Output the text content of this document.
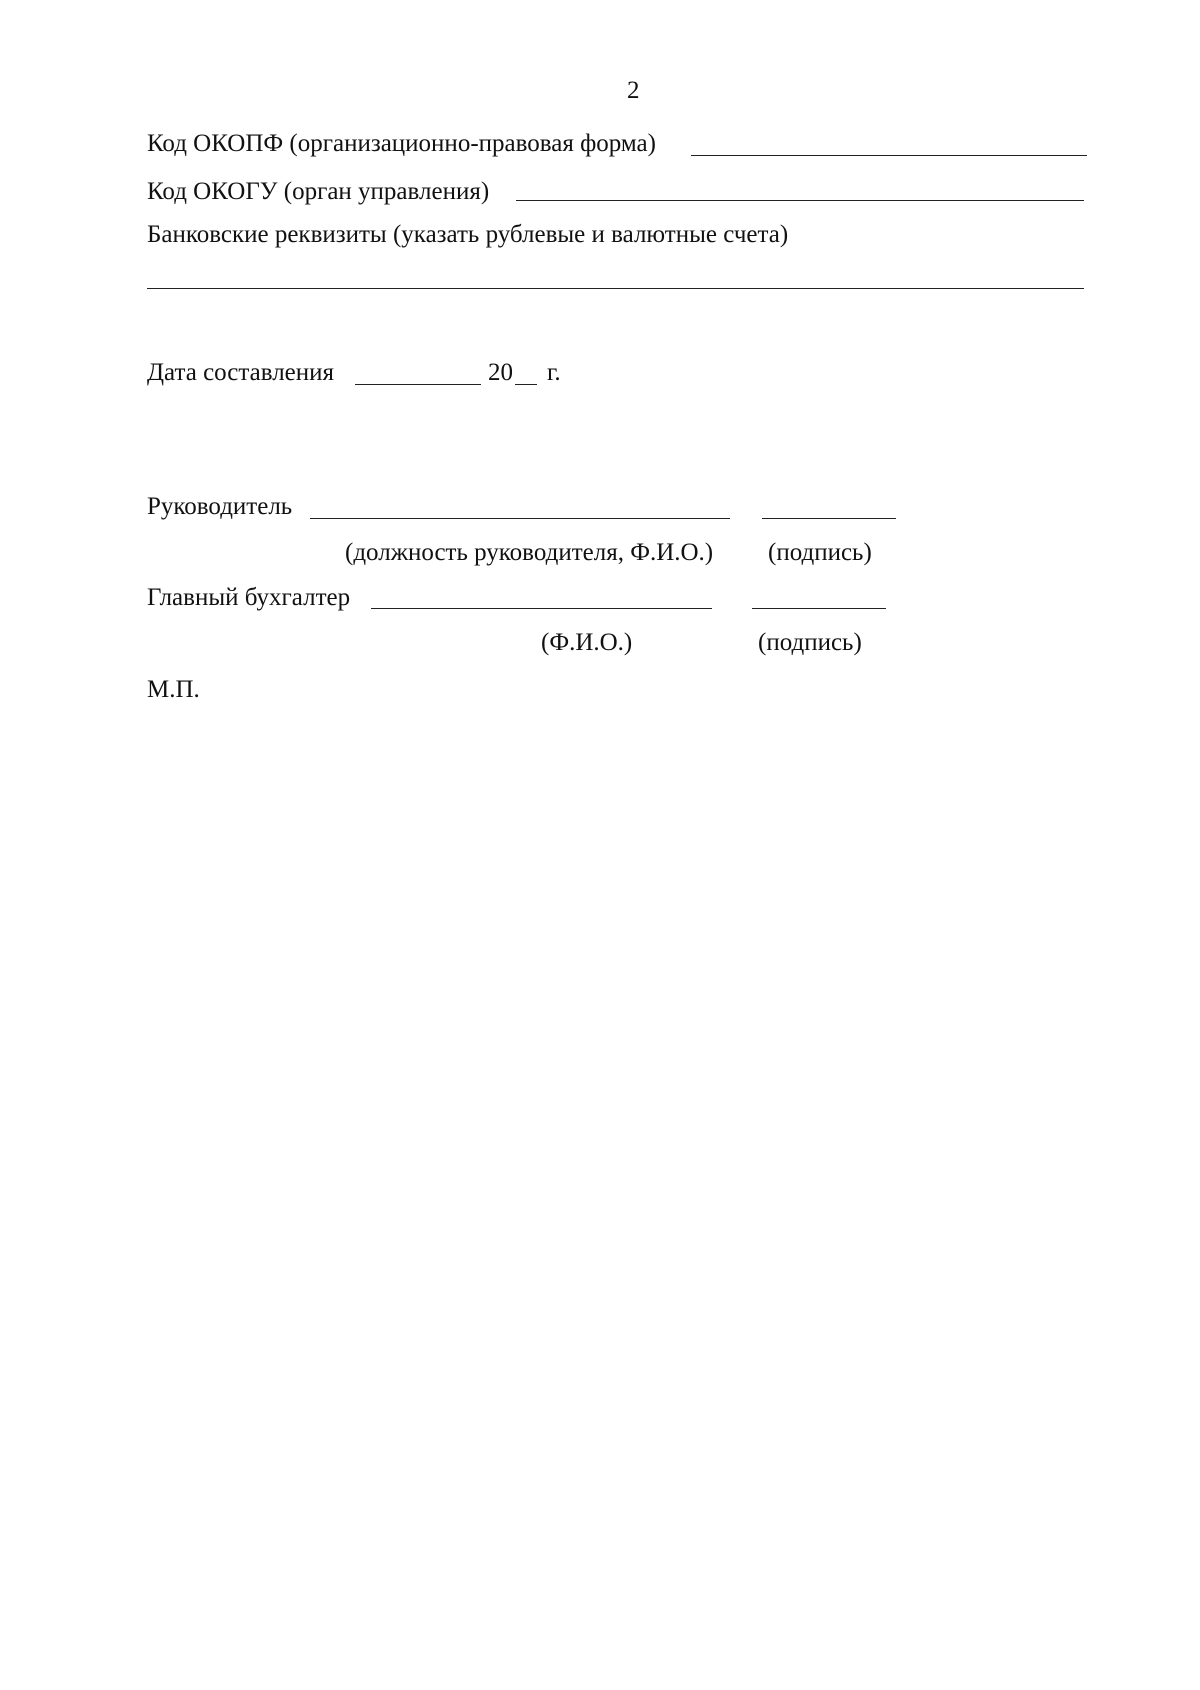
2
Код ОКОПФ (организационно-правовая форма)
Код ОКОГУ (орган управления)
Банковские реквизиты (указать рублевые и валютные счета)
Дата составления	20 г.
Руководитель
(должность руководителя, Ф.И.О.) (подпись)
Главный бухгалтер
(Ф.И.О.)	(подпись)
М.П.
